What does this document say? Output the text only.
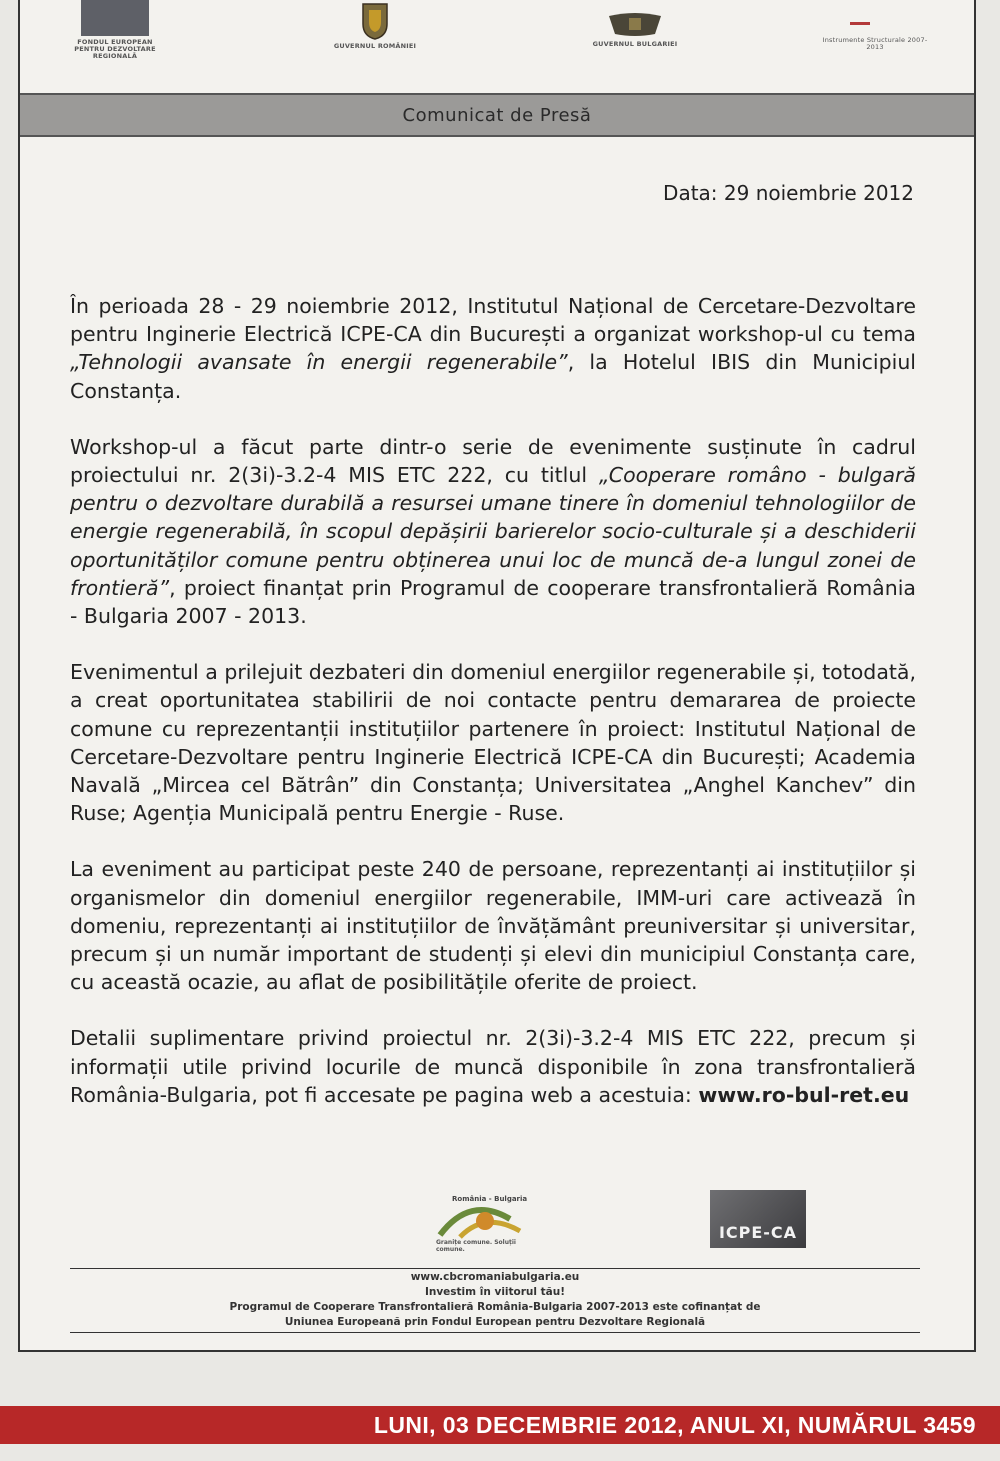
FONDUL EUROPEAN PENTRU DEZVOLTARE REGIONALĂ
GUVERNUL ROMÂNIEI	GUVERNUL BULGARIEI	Instrumente Structurale 2007-2013
Comunicat de Presă
Data: 29 noiembrie 2012

În perioada 28 - 29 noiembrie 2012, Institutul Național de Cercetare-Dezvoltare pentru Inginerie Electrică ICPE-CA din București a organizat workshop-ul cu tema „Tehnologii avansate în energii regenerabile”, la Hotelul IBIS din Municipiul Constanța.

Workshop-ul a făcut parte dintr-o serie de evenimente susținute în cadrul proiectului nr. 2(3i)-3.2-4 MIS ETC 222, cu titlul „Cooperare româno - bulgară pentru o dezvoltare durabilă a resursei umane tinere în domeniul tehnologiilor de energie regenerabilă, în scopul depășirii barierelor socio-culturale și a deschiderii oportunităților comune pentru obținerea unui loc de muncă de-a lungul zonei de frontieră”, proiect finanțat prin Programul de cooperare transfrontalieră România - Bulgaria 2007 - 2013.

Evenimentul a prilejuit dezbateri din domeniul energiilor regenerabile și, totodată, a creat oportunitatea stabilirii de noi contacte pentru demararea de proiecte comune cu reprezentanții instituțiilor partenere în proiect: Institutul Național de Cercetare-Dezvoltare pentru Inginerie Electrică ICPE-CA din București; Academia Navală „Mircea cel Bătrân” din Constanța; Universitatea „Anghel Kanchev” din Ruse; Agenția Municipală pentru Energie - Ruse.

La eveniment au participat peste 240 de persoane, reprezentanți ai instituțiilor și organismelor din domeniul energiilor regenerabile, IMM-uri care activează în domeniu, reprezentanți ai instituțiilor de învățământ preuniversitar și universitar, precum și un număr important de studenți și elevi din municipiul Constanța care, cu această ocazie, au aflat de posibilitățile oferite de proiect.

Detalii suplimentare privind proiectul nr. 2(3i)-3.2-4 MIS ETC 222, precum și informații utile privind locurile de muncă disponibile în zona transfrontalieră România-Bulgaria, pot fi accesate pe pagina web a acestuia: www.ro-bul-ret.eu

România - Bulgaria
Granițe comune. Soluții comune.
ICPE-CA
www.cbcromaniabulgaria.eu
Investim în viitorul tău!
Programul de Cooperare Transfrontalieră România-Bulgaria 2007-2013 este cofinanțat de
Uniunea Europeană prin Fondul European pentru Dezvoltare Regională
LUNI, 03 DECEMBRIE 2012, ANUL XI, NUMĂRUL 3459
